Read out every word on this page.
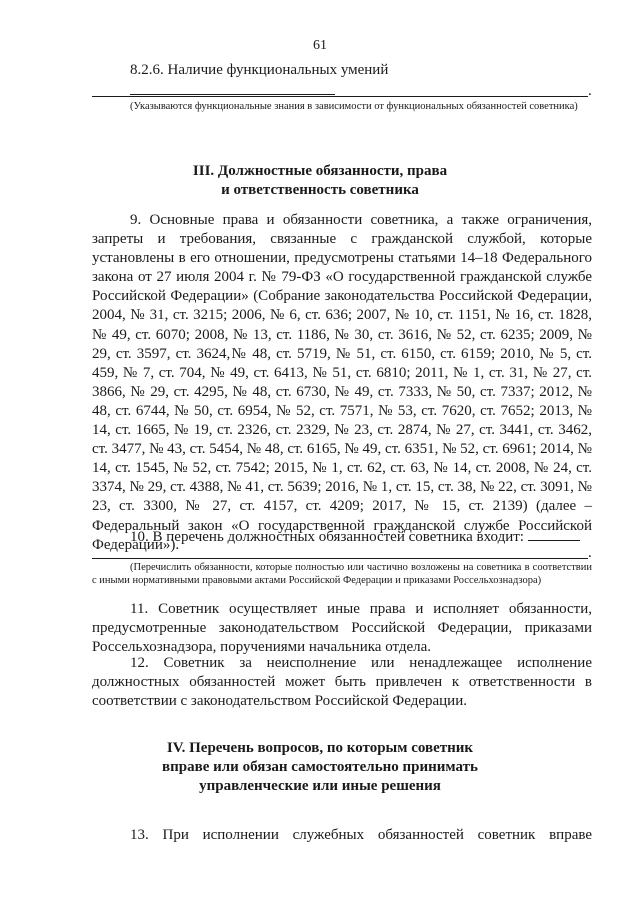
61
8.2.6. Наличие функциональных умений
.
(Указываются функциональные знания в зависимости от функциональных обязанностей советника)
III. Должностные обязанности, права
и ответственность советника

9. Основные права и обязанности советника, а также ограничения, запреты и требования, связанные с гражданской службой, которые установлены в его отношении, предусмотрены статьями 14–18 Федерального закона от 27 июля 2004 г. № 79-ФЗ «О государственной гражданской службе Российской Федерации» (Собрание законодательства Российской Федерации, 2004, № 31, ст. 3215; 2006, № 6, ст. 636; 2007, № 10, ст. 1151, № 16, ст. 1828, № 49, ст. 6070; 2008, № 13, ст. 1186, № 30, ст. 3616, № 52, ст. 6235; 2009, № 29, ст. 3597, ст. 3624,№ 48, ст. 5719, № 51, ст. 6150, ст. 6159; 2010, № 5, ст. 459, № 7, ст. 704, № 49, ст. 6413, № 51, ст. 6810; 2011, № 1, ст. 31, № 27, ст. 3866, № 29, ст. 4295, № 48, ст. 6730, № 49, ст. 7333, № 50, ст. 7337; 2012, № 48, ст. 6744, № 50, ст. 6954, № 52, ст. 7571, № 53, ст. 7620, ст. 7652; 2013, № 14, ст. 1665, № 19, ст. 2326, ст. 2329, № 23, ст. 2874, № 27, ст. 3441, ст. 3462, ст. 3477, № 43, ст. 5454, № 48, ст. 6165, № 49, ст. 6351, № 52, ст. 6961; 2014, № 14, ст. 1545, № 52, ст. 7542; 2015, № 1, ст. 62, ст. 63, № 14, ст. 2008, № 24, ст. 3374, № 29, ст. 4388, № 41, ст. 5639; 2016, № 1, ст. 15, ст. 38, № 22, ст. 3091, № 23, ст. 3300, № 27, ст. 4157, ст. 4209; 2017, № 15, ст. 2139) (далее – Федеральный закон «О государственной гражданской службе Российской Федерации»).

10. В перечень должностных обязанностей советника входит:
.
(Перечислить обязанности, которые полностью или частично возложены на советника в соответствии с иными нормативными правовыми актами Российской Федерации и приказами Россельхознадзора)

11. Советник осуществляет иные права и исполняет обязанности, предусмотренные законодательством Российской Федерации, приказами Россельхознадзора, поручениями начальника отдела.

12. Советник за неисполнение или ненадлежащее исполнение должностных обязанностей может быть привлечен к ответственности в соответствии с законодательством Российской Федерации.

IV. Перечень вопросов, по которым советник
вправе или обязан самостоятельно принимать
управленческие или иные решения

13. При исполнении служебных обязанностей советник вправе
